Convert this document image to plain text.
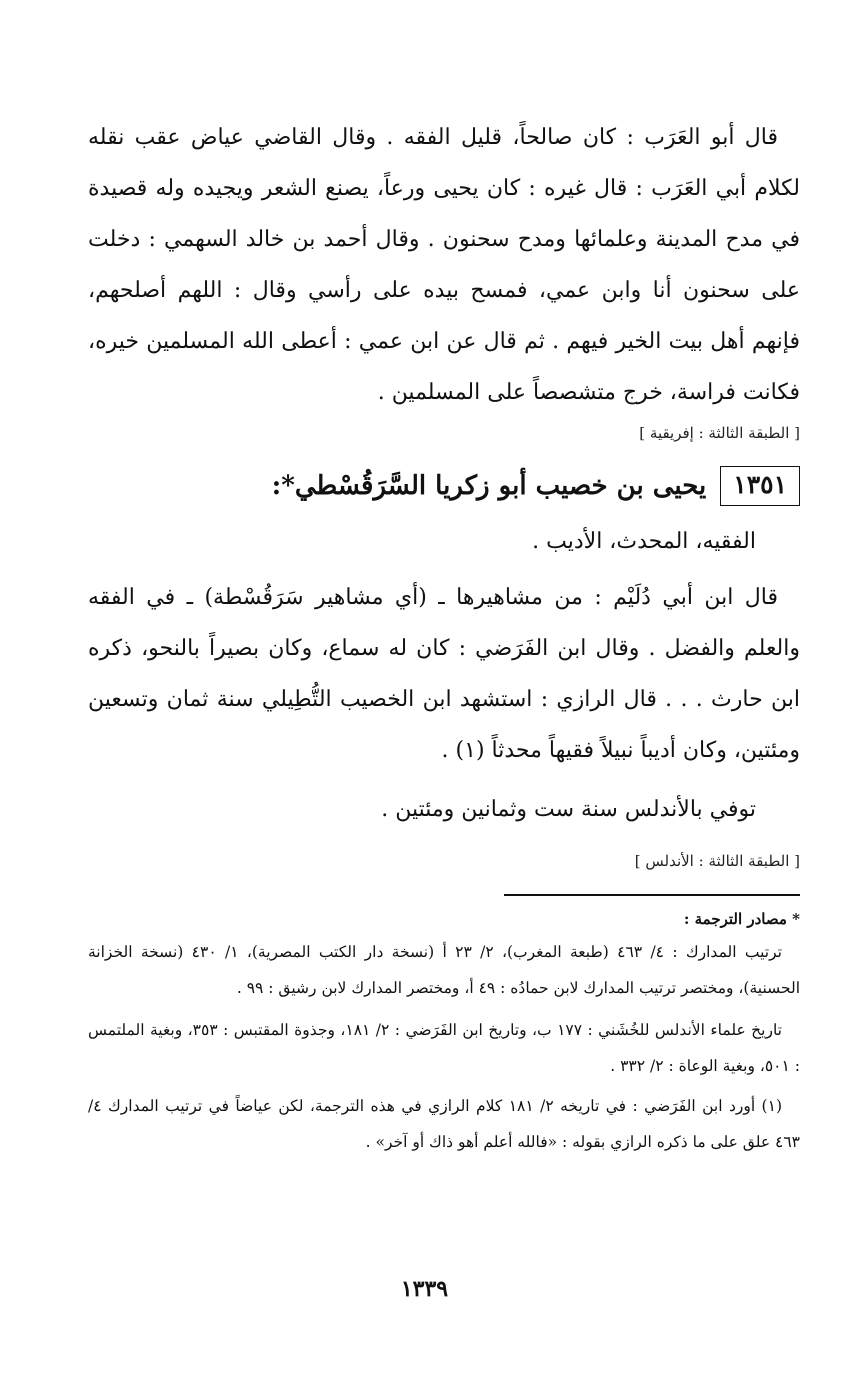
قال أبو العَرَب : كان صالحاً، قليل الفقه . وقال القاضي عياض عقب نقله لكلام أبي العَرَب : قال غيره : كان يحيى ورعاً، يصنع الشعر ويجيده وله قصيدة في مدح المدينة وعلمائها ومدح سحنون . وقال أحمد بن خالد السهمي : دخلت على سحنون أنا وابن عمي، فمسح بيده على رأسي وقال : اللهم أصلحهم، فإنهم أهل بيت الخير فيهم . ثم قال عن ابن عمي : أعطى الله المسلمين خيره، فكانت فراسة، خرج متشصصاً على المسلمين .

[ الطبقة الثالثة : إفريقية ]

١٣٥١
يحيى بن خصيب أبو زكريا السَّرَقُسْطي*:

الفقيه، المحدث، الأديب .

قال ابن أبي دُلَيْم : من مشاهيرها ـ (أي مشاهير سَرَقُسْطة) ـ في الفقه والعلم والفضل . وقال ابن الفَرَضي : كان له سماع، وكان بصيراً بالنحو، ذكره ابن حارث . . . قال الرازي : استشهد ابن الخصيب التُّطِيلي سنة ثمان وتسعين ومئتين، وكان أديباً نبيلاً فقيهاً محدثاً (١) .

توفي بالأندلس سنة ست وثمانين ومئتين .

[ الطبقة الثالثة : الأندلس ]

* مصادر الترجمة :

ترتيب المدارك : ٤/ ٤٦٣ (طبعة المغرب)، ٢/ ٢٣ أ (نسخة دار الكتب المصرية)، ١/ ٤٣٠ (نسخة الخزانة الحسنية)، ومختصر ترتيب المدارك لابن حمادُه : ٤٩ أ، ومختصر المدارك لابن رشيق : ٩٩ .

تاريخ علماء الأندلس للخُشَني : ١٧٧ ب، وتاريخ ابن الفَرَضي : ٢/ ١٨١، وجذوة المقتبس : ٣٥٣، وبغية الملتمس : ٥٠١، وبغية الوعاة : ٢/ ٣٣٢ .

(١) أورد ابن الفَرَضي : في تاريخه ٢/ ١٨١ كلام الرازي في هذه الترجمة، لكن عياضاً في ترتيب المدارك ٤/ ٤٦٣ علق على ما ذكره الرازي بقوله : «فالله أعلم أهو ذاك أو آخر» .

١٣٣٩
